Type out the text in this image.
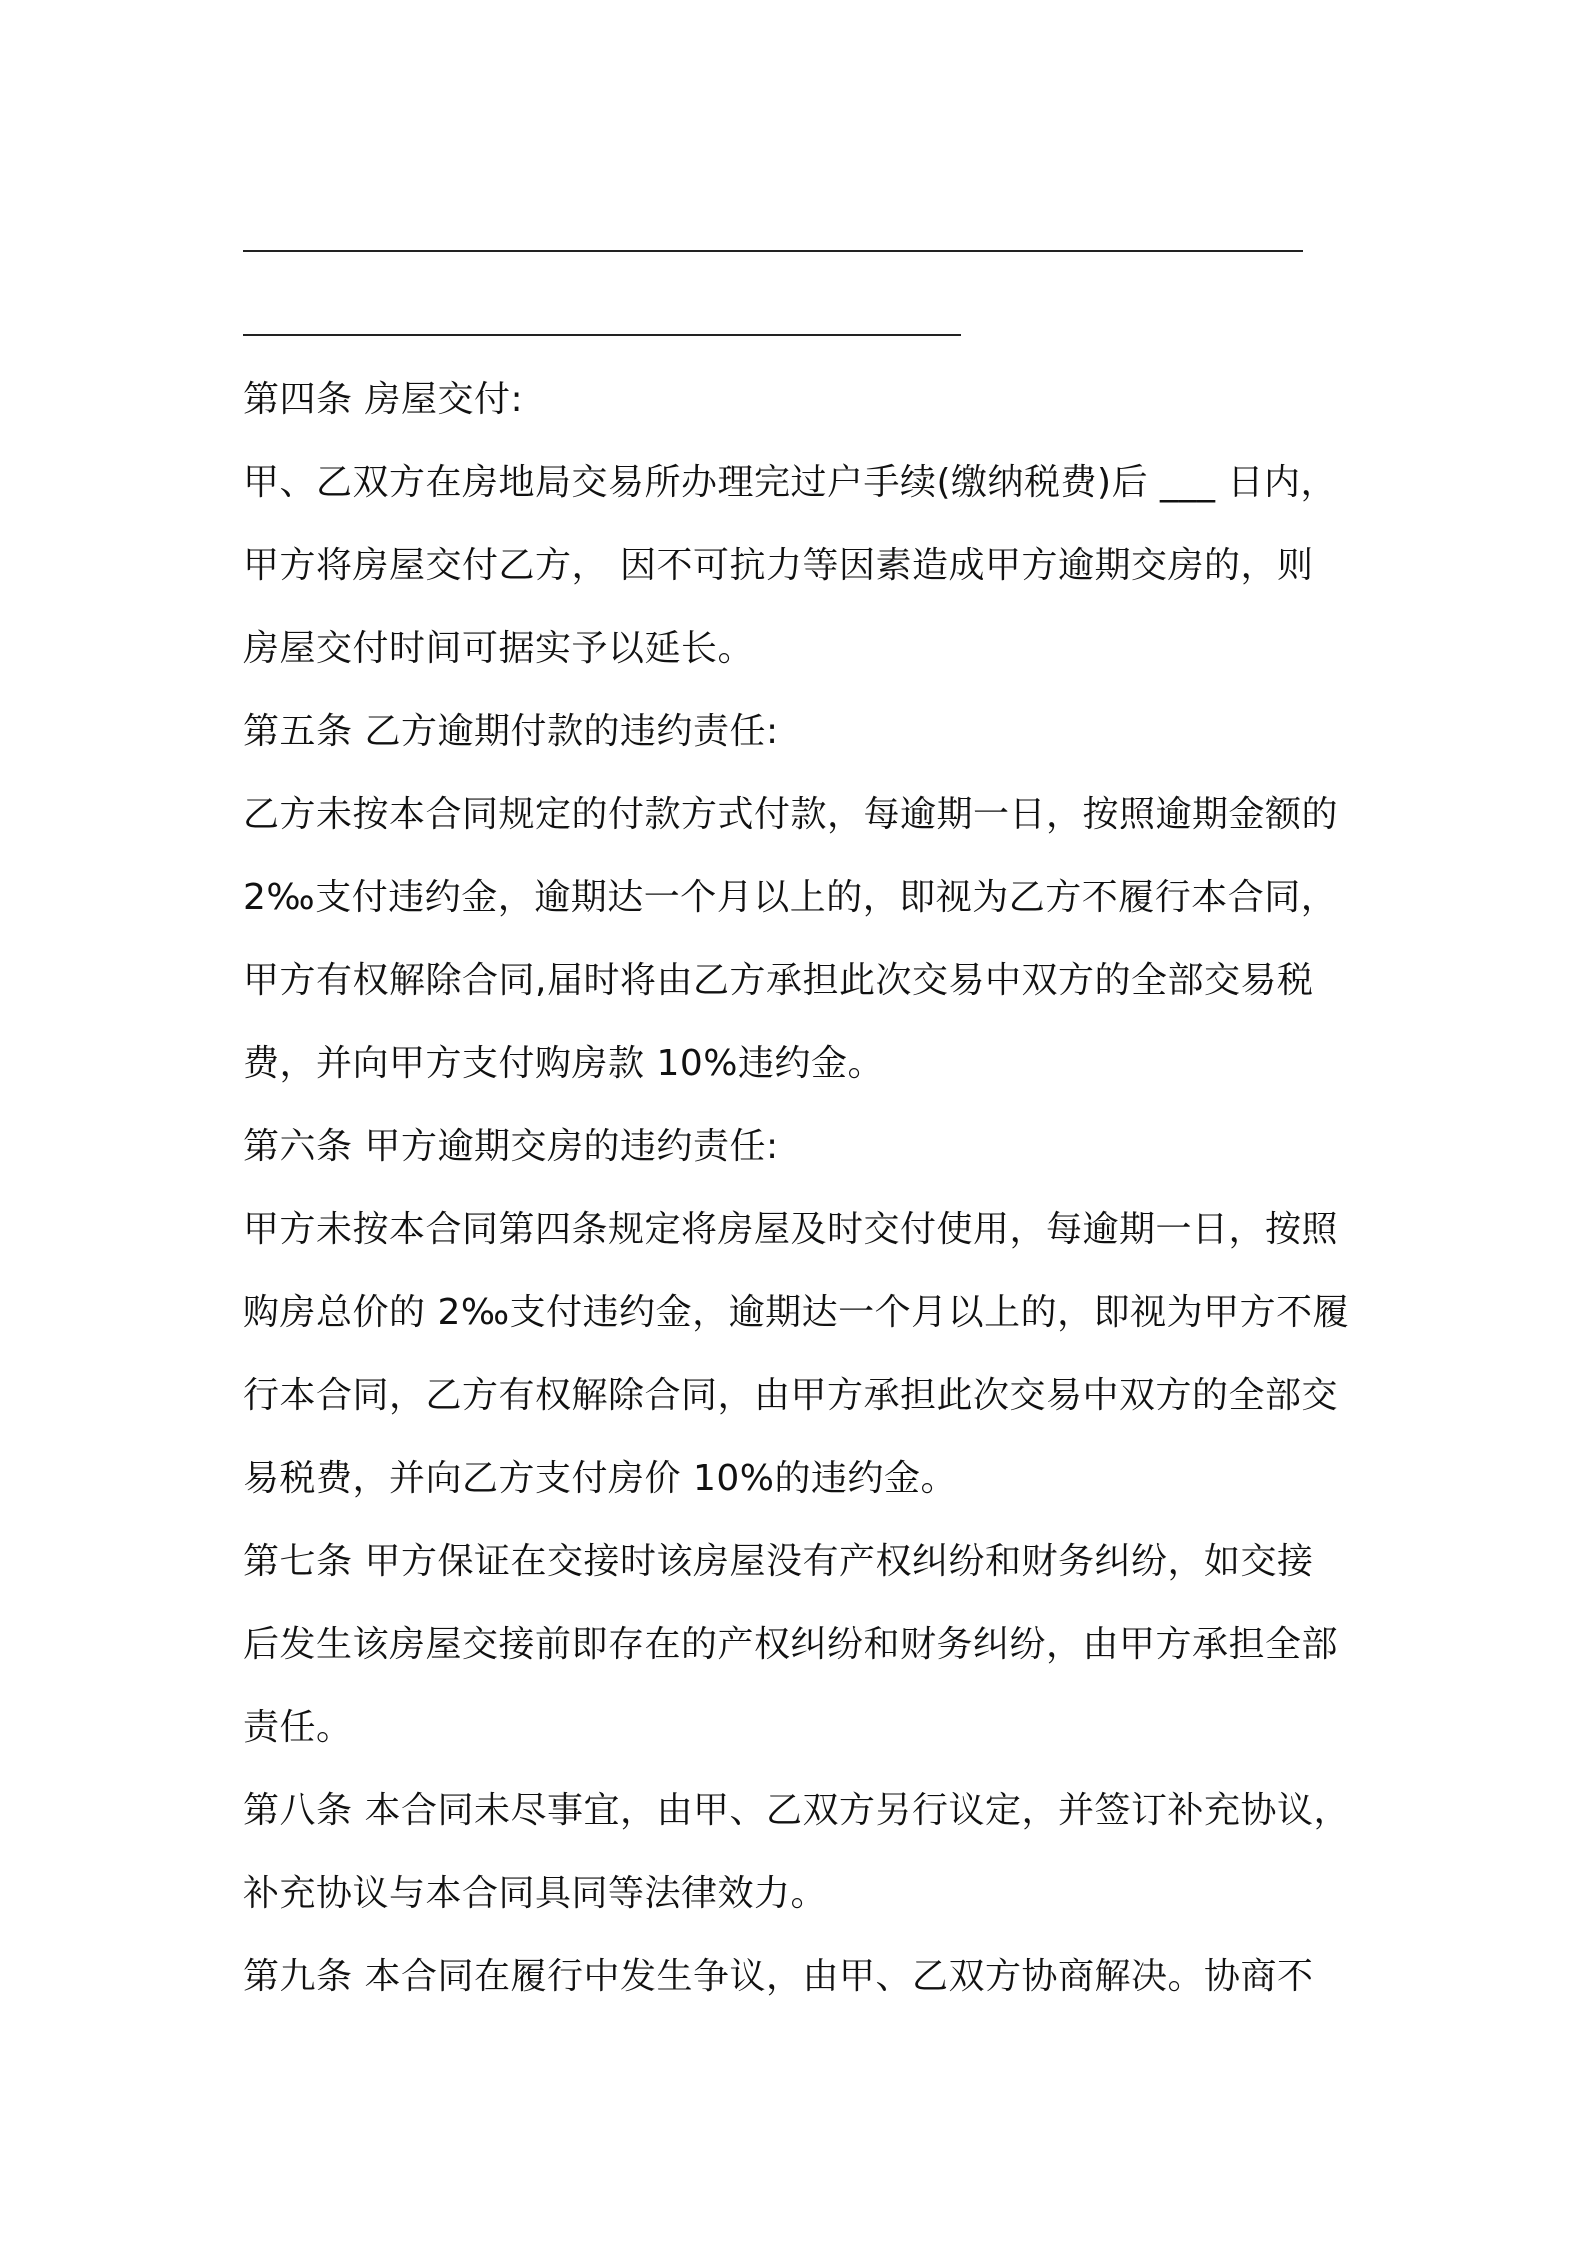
第四条 房屋交付:
甲、乙双方在房地局交易所办理完过户手续(缴纳税费)后 ___ 日内，
甲方将房屋交付乙方， 因不可抗力等因素造成甲方逾期交房的，则
房屋交付时间可据实予以延长。
第五条 乙方逾期付款的违约责任:
乙方未按本合同规定的付款方式付款，每逾期一日，按照逾期金额的
2‰支付违约金，逾期达一个月以上的，即视为乙方不履行本合同，
甲方有权解除合同,届时将由乙方承担此次交易中双方的全部交易税
费，并向甲方支付购房款 10%违约金。
第六条 甲方逾期交房的违约责任:
甲方未按本合同第四条规定将房屋及时交付使用，每逾期一日，按照
购房总价的 2‰支付违约金，逾期达一个月以上的，即视为甲方不履
行本合同，乙方有权解除合同，由甲方承担此次交易中双方的全部交
易税费，并向乙方支付房价 10%的违约金。
第七条 甲方保证在交接时该房屋没有产权纠纷和财务纠纷，如交接
后发生该房屋交接前即存在的产权纠纷和财务纠纷，由甲方承担全部
责任。
第八条 本合同未尽事宜，由甲、乙双方另行议定，并签订补充协议，
补充协议与本合同具同等法律效力。
第九条 本合同在履行中发生争议，由甲、乙双方协商解决。协商不
